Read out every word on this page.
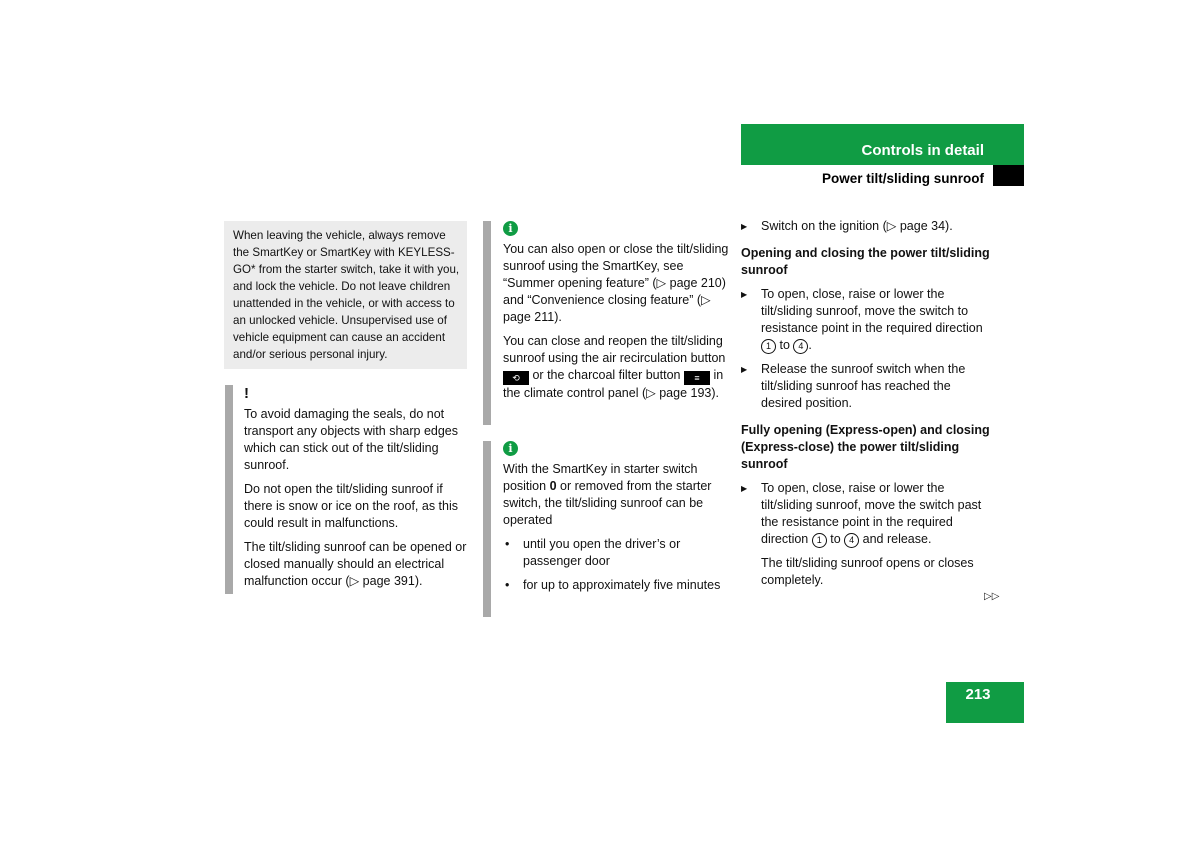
Controls in detail
Power tilt/sliding sunroof
When leaving the vehicle, always remove the SmartKey or SmartKey with KEYLESS-GO* from the starter switch, take it with you, and lock the vehicle. Do not leave children unattended in the vehicle, or with access to an unlocked vehicle. Unsupervised use of vehicle equipment can cause an accident and/or serious personal injury.
!

To avoid damaging the seals, do not transport any objects with sharp edges which can stick out of the tilt/sliding sunroof.

Do not open the tilt/sliding sunroof if there is snow or ice on the roof, as this could result in malfunctions.

The tilt/sliding sunroof can be opened or closed manually should an electrical malfunction occur (▷ page 391).

i

You can also open or close the tilt/sliding sunroof using the SmartKey, see “Summer opening feature” (▷ page 210) and “Convenience closing feature” (▷ page 211).

You can close and reopen the tilt/sliding sunroof using the air recirculation button ⟲ or the charcoal filter button ≡ in the climate control panel (▷ page 193).

i

With the SmartKey in starter switch position 0 or removed from the starter switch, the tilt/sliding sunroof can be operated

• until you open the driver’s or passenger door
• for up to approximately five minutes
▶ Switch on the ignition (▷ page 34).
Opening and closing the power tilt/sliding sunroof
▶ To open, close, raise or lower the tilt/sliding sunroof, move the switch to resistance point in the required direction 1 to 4 .
▶ Release the sunroof switch when the tilt/sliding sunroof has reached the desired position.
Fully opening (Express-open) and closing (Express-close) the power tilt/sliding sunroof
▶ To open, close, raise or lower the tilt/sliding sunroof, move the switch past the resistance point in the required direction 1 to 4 and release.

The tilt/sliding sunroof opens or closes completely.

▷▷
213
